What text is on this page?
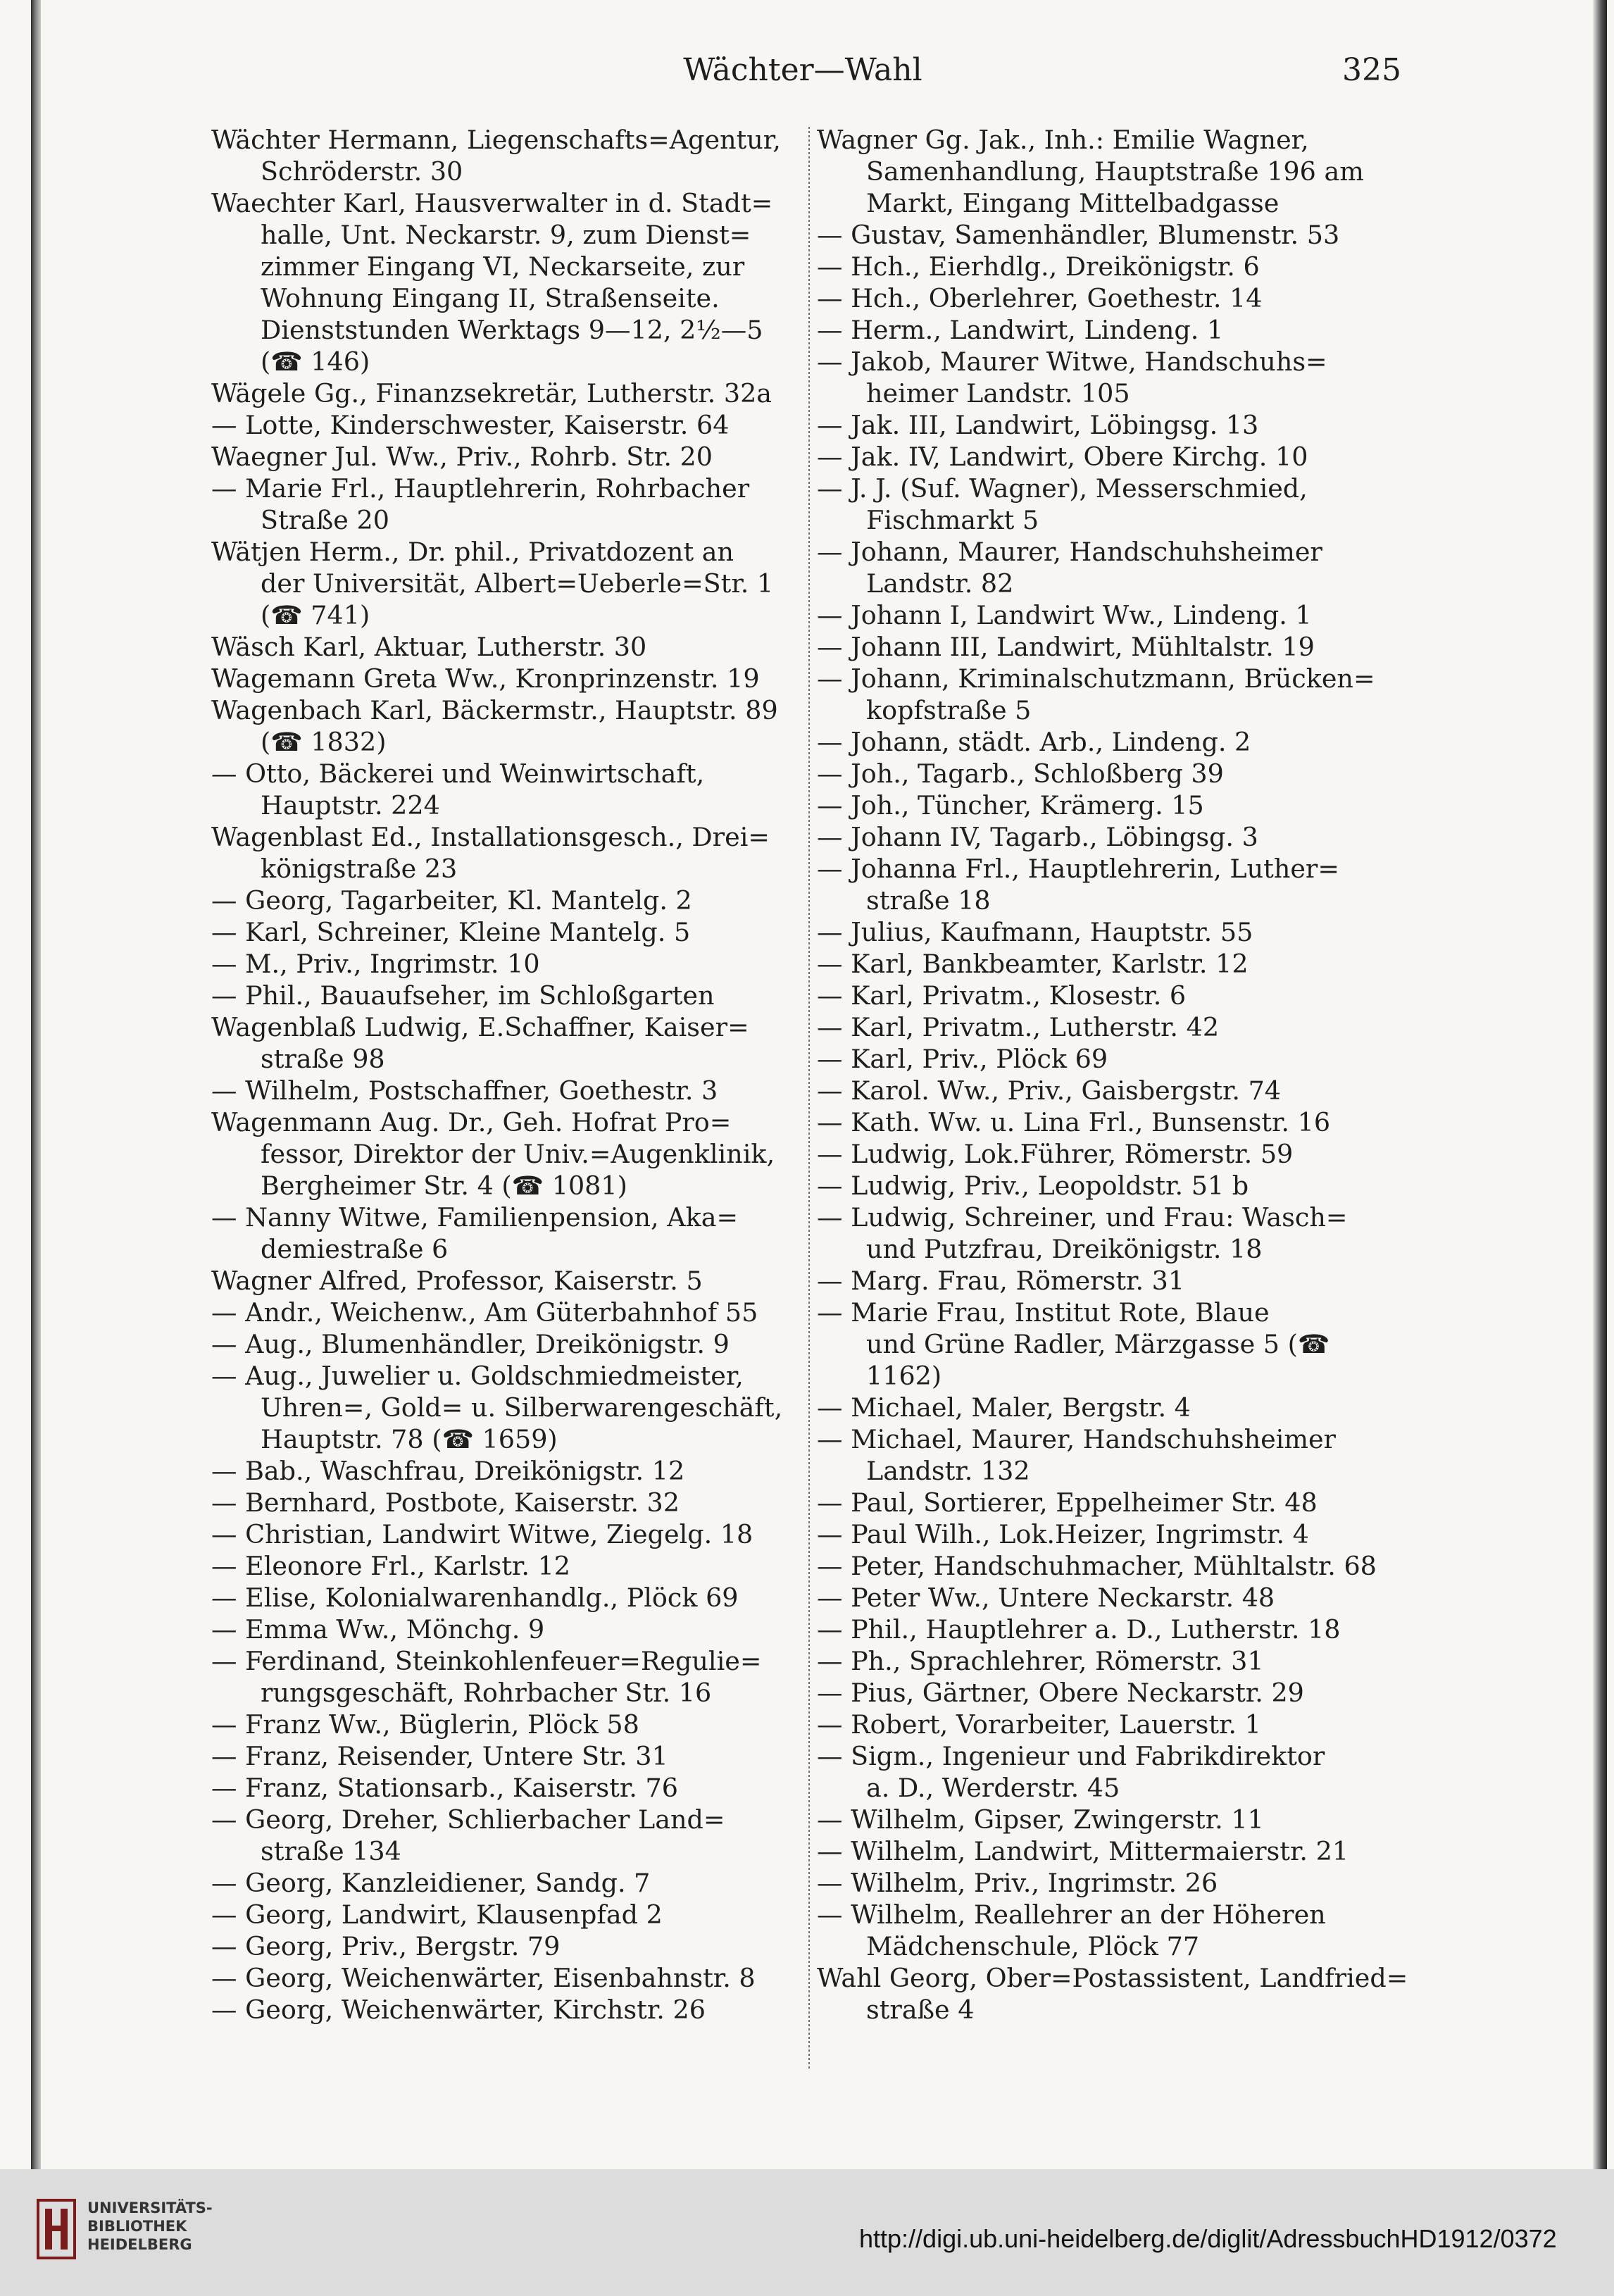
Wächter—Wahl	325
Wächter Hermann, Liegenschafts=Agentur,
Schröderstr. 30
Waechter Karl, Hausverwalter in d. Stadt=
halle, Unt. Neckarstr. 9, zum Dienst=
zimmer Eingang VI, Neckarseite, zur
Wohnung Eingang II, Straßenseite.
Dienststunden Werktags 9—12, 2½—5
(☎ 146)
Wägele Gg., Finanzsekretär, Lutherstr. 32a
— Lotte, Kinderschwester, Kaiserstr. 64
Waegner Jul. Ww., Priv., Rohrb. Str. 20
— Marie Frl., Hauptlehrerin, Rohrbacher
Straße 20
Wätjen Herm., Dr. phil., Privatdozent an
der Universität, Albert=Ueberle=Str. 1
(☎ 741)
Wäsch Karl, Aktuar, Lutherstr. 30
Wagemann Greta Ww., Kronprinzenstr. 19
Wagenbach Karl, Bäckermstr., Hauptstr. 89
(☎ 1832)
— Otto, Bäckerei und Weinwirtschaft,
Hauptstr. 224
Wagenblast Ed., Installationsgesch., Drei=
königstraße 23
— Georg, Tagarbeiter, Kl. Mantelg. 2
— Karl, Schreiner, Kleine Mantelg. 5
— M., Priv., Ingrimstr. 10
— Phil., Bauaufseher, im Schloßgarten
Wagenblaß Ludwig, E.Schaffner, Kaiser=
straße 98
— Wilhelm, Postschaffner, Goethestr. 3
Wagenmann Aug. Dr., Geh. Hofrat Pro=
fessor, Direktor der Univ.=Augenklinik,
Bergheimer Str. 4 (☎ 1081)
— Nanny Witwe, Familienpension, Aka=
demiestraße 6
Wagner Alfred, Professor, Kaiserstr. 5
— Andr., Weichenw., Am Güterbahnhof 55
— Aug., Blumenhändler, Dreikönigstr. 9
— Aug., Juwelier u. Goldschmiedmeister,
Uhren=, Gold= u. Silberwarengeschäft,
Hauptstr. 78 (☎ 1659)
— Bab., Waschfrau, Dreikönigstr. 12
— Bernhard, Postbote, Kaiserstr. 32
— Christian, Landwirt Witwe, Ziegelg. 18
— Eleonore Frl., Karlstr. 12
— Elise, Kolonialwarenhandlg., Plöck 69
— Emma Ww., Mönchg. 9
— Ferdinand, Steinkohlenfeuer=Regulie=
rungsgeschäft, Rohrbacher Str. 16
— Franz Ww., Büglerin, Plöck 58
— Franz, Reisender, Untere Str. 31
— Franz, Stationsarb., Kaiserstr. 76
— Georg, Dreher, Schlierbacher Land=
straße 134
— Georg, Kanzleidiener, Sandg. 7
— Georg, Landwirt, Klausenpfad 2
— Georg, Priv., Bergstr. 79
— Georg, Weichenwärter, Eisenbahnstr. 8
— Georg, Weichenwärter, Kirchstr. 26
Wagner Gg. Jak., Inh.: Emilie Wagner,
Samenhandlung, Hauptstraße 196 am
Markt, Eingang Mittelbadgasse
— Gustav, Samenhändler, Blumenstr. 53
— Hch., Eierhdlg., Dreikönigstr. 6
— Hch., Oberlehrer, Goethestr. 14
— Herm., Landwirt, Lindeng. 1
— Jakob, Maurer Witwe, Handschuhs=
heimer Landstr. 105
— Jak. III, Landwirt, Löbingsg. 13
— Jak. IV, Landwirt, Obere Kirchg. 10
— J. J. (Suf. Wagner), Messerschmied,
Fischmarkt 5
— Johann, Maurer, Handschuhsheimer
Landstr. 82
— Johann I, Landwirt Ww., Lindeng. 1
— Johann III, Landwirt, Mühltalstr. 19
— Johann, Kriminalschutzmann, Brücken=
kopfstraße 5
— Johann, städt. Arb., Lindeng. 2
— Joh., Tagarb., Schloßberg 39
— Joh., Tüncher, Krämerg. 15
— Johann IV, Tagarb., Löbingsg. 3
— Johanna Frl., Hauptlehrerin, Luther=
straße 18
— Julius, Kaufmann, Hauptstr. 55
— Karl, Bankbeamter, Karlstr. 12
— Karl, Privatm., Klosestr. 6
— Karl, Privatm., Lutherstr. 42
— Karl, Priv., Plöck 69
— Karol. Ww., Priv., Gaisbergstr. 74
— Kath. Ww. u. Lina Frl., Bunsenstr. 16
— Ludwig, Lok.Führer, Römerstr. 59
— Ludwig, Priv., Leopoldstr. 51 b
— Ludwig, Schreiner, und Frau: Wasch=
und Putzfrau, Dreikönigstr. 18
— Marg. Frau, Römerstr. 31
— Marie Frau, Institut Rote, Blaue
und Grüne Radler, Märzgasse 5 (☎
1162)
— Michael, Maler, Bergstr. 4
— Michael, Maurer, Handschuhsheimer
Landstr. 132
— Paul, Sortierer, Eppelheimer Str. 48
— Paul Wilh., Lok.Heizer, Ingrimstr. 4
— Peter, Handschuhmacher, Mühltalstr. 68
— Peter Ww., Untere Neckarstr. 48
— Phil., Hauptlehrer a. D., Lutherstr. 18
— Ph., Sprachlehrer, Römerstr. 31
— Pius, Gärtner, Obere Neckarstr. 29
— Robert, Vorarbeiter, Lauerstr. 1
— Sigm., Ingenieur und Fabrikdirektor
a. D., Werderstr. 45
— Wilhelm, Gipser, Zwingerstr. 11
— Wilhelm, Landwirt, Mittermaierstr. 21
— Wilhelm, Priv., Ingrimstr. 26
— Wilhelm, Reallehrer an der Höheren
Mädchenschule, Plöck 77
Wahl Georg, Ober=Postassistent, Landfried=
straße 4
UNIVERSITÄTS-
BIBLIOTHEK
HEIDELBERG	http://digi.ub.uni-heidelberg.de/diglit/AdressbuchHD1912/0372
